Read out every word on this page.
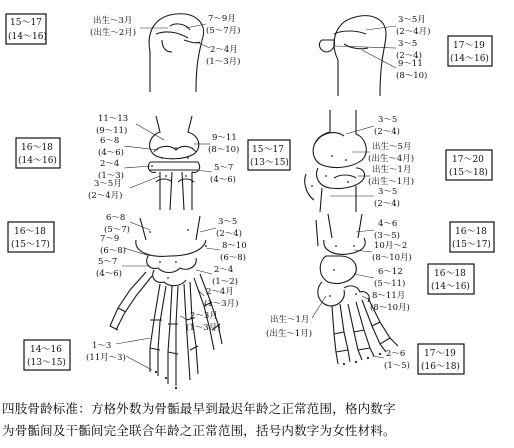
15～17
(14～16)
出生～3月
(出生～2月)
7～9月
(5～7月)
2～4月
(1～3月)
3～5月
(2～4月)
3～5
(2～4)
9～11
(8～10)
17～19
(14～16)
16～18
(14～16)
11～13
(9～11)
6～8
(4～6)
2～4
(1～3)
3～5月
(2～4月)
9～11
(8～10)
5～7
(4～6)
15～17
(13～15)
3～5
(2～4)
出生～5月
(出生～4月)
出生～1月
(出生～1月)
3～5
(2～4)
17～20
(15～18)
16～18
(15～17)
6～8
(5～7)
7～9
(6～8)
5～7
(4～6)
3～5
(2～4)
8～10
(6～8)
2～4
(1～2)
2～4月
(1～3月)
2～3月
(1～3月)
1～3
(11月～3)
14～16
(13～15)
4～6
(3～5)
10月～2
(8～10月)
6～12
(5～11)
8～11月
(8～10月)
出生～1月
(出生～1月)
2～6
(1～5)
16～18
(15～17)
16～18
(14～16)
17～19
(16～18)
四肢骨龄标准：方格外数为骨骺最早到最迟年龄之正常范围，格内数字
为骨骺间及干骺间完全联合年龄之正常范围，括号内数字为女性材料。
